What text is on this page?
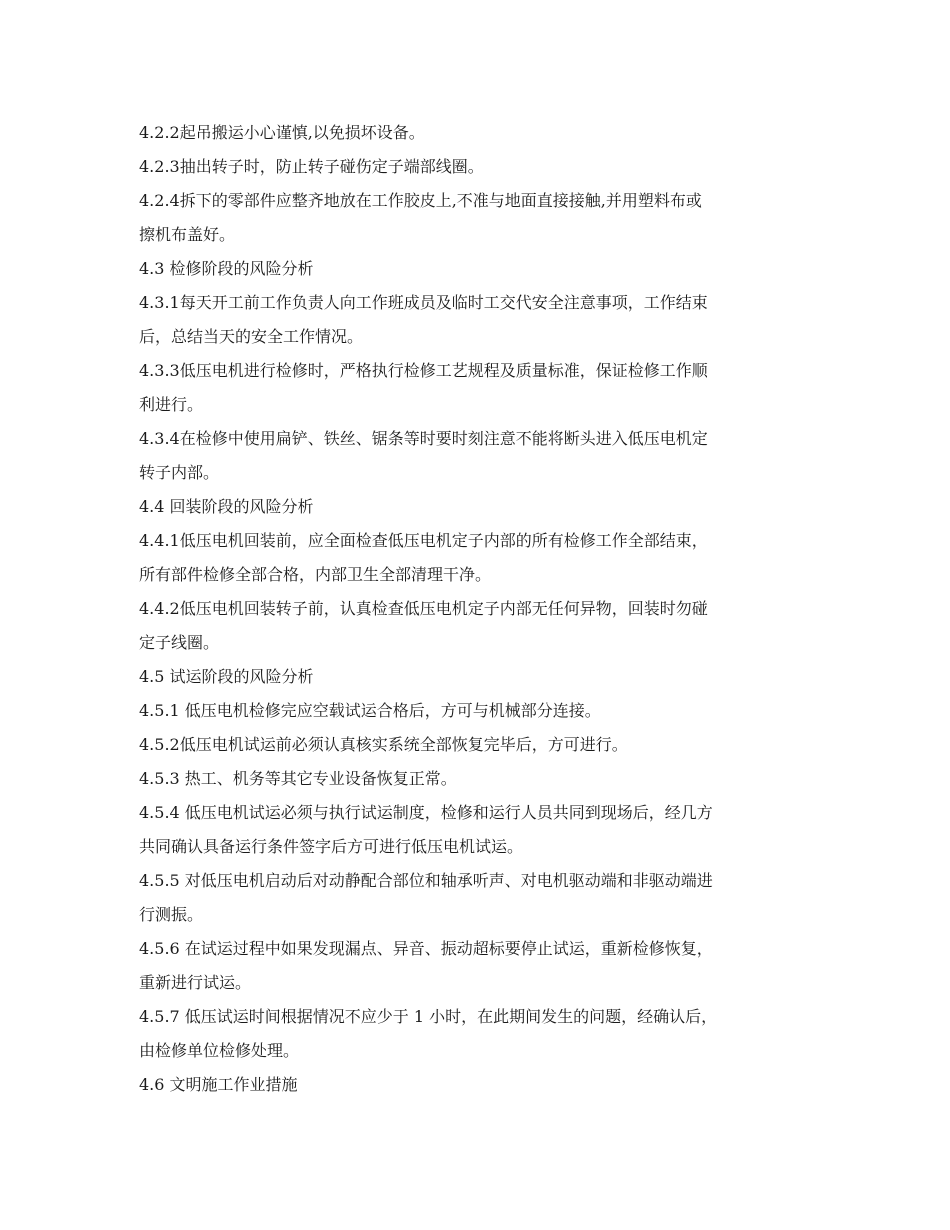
4.2.2起吊搬运小心谨慎,以免损坏设备。
4.2.3抽出转子时，防止转子碰伤定子端部线圈。
4.2.4拆下的零部件应整齐地放在工作胶皮上,不准与地面直接接触,并用塑料布或
擦机布盖好。
4.3 检修阶段的风险分析
4.3.1每天开工前工作负责人向工作班成员及临时工交代安全注意事项，工作结束
后，总结当天的安全工作情况。
4.3.3低压电机进行检修时，严格执行检修工艺规程及质量标准，保证检修工作顺
利进行。
4.3.4在检修中使用扁铲、铁丝、锯条等时要时刻注意不能将断头进入低压电机定
转子内部。
4.4 回装阶段的风险分析
4.4.1低压电机回装前，应全面检查低压电机定子内部的所有检修工作全部结束，
所有部件检修全部合格，内部卫生全部清理干净。
4.4.2低压电机回装转子前，认真检查低压电机定子内部无任何异物，回装时勿碰
定子线圈。
4.5 试运阶段的风险分析
4.5.1 低压电机检修完应空载试运合格后，方可与机械部分连接。
4.5.2低压电机试运前必须认真核实系统全部恢复完毕后，方可进行。
4.5.3 热工、机务等其它专业设备恢复正常。
4.5.4 低压电机试运必须与执行试运制度，检修和运行人员共同到现场后，经几方
共同确认具备运行条件签字后方可进行低压电机试运。
4.5.5 对低压电机启动后对动静配合部位和轴承听声、对电机驱动端和非驱动端进
行测振。
4.5.6 在试运过程中如果发现漏点、异音、振动超标要停止试运，重新检修恢复，
重新进行试运。
4.5.7 低压试运时间根据情况不应少于 1 小时，在此期间发生的问题，经确认后，
由检修单位检修处理。
4.6 文明施工作业措施
